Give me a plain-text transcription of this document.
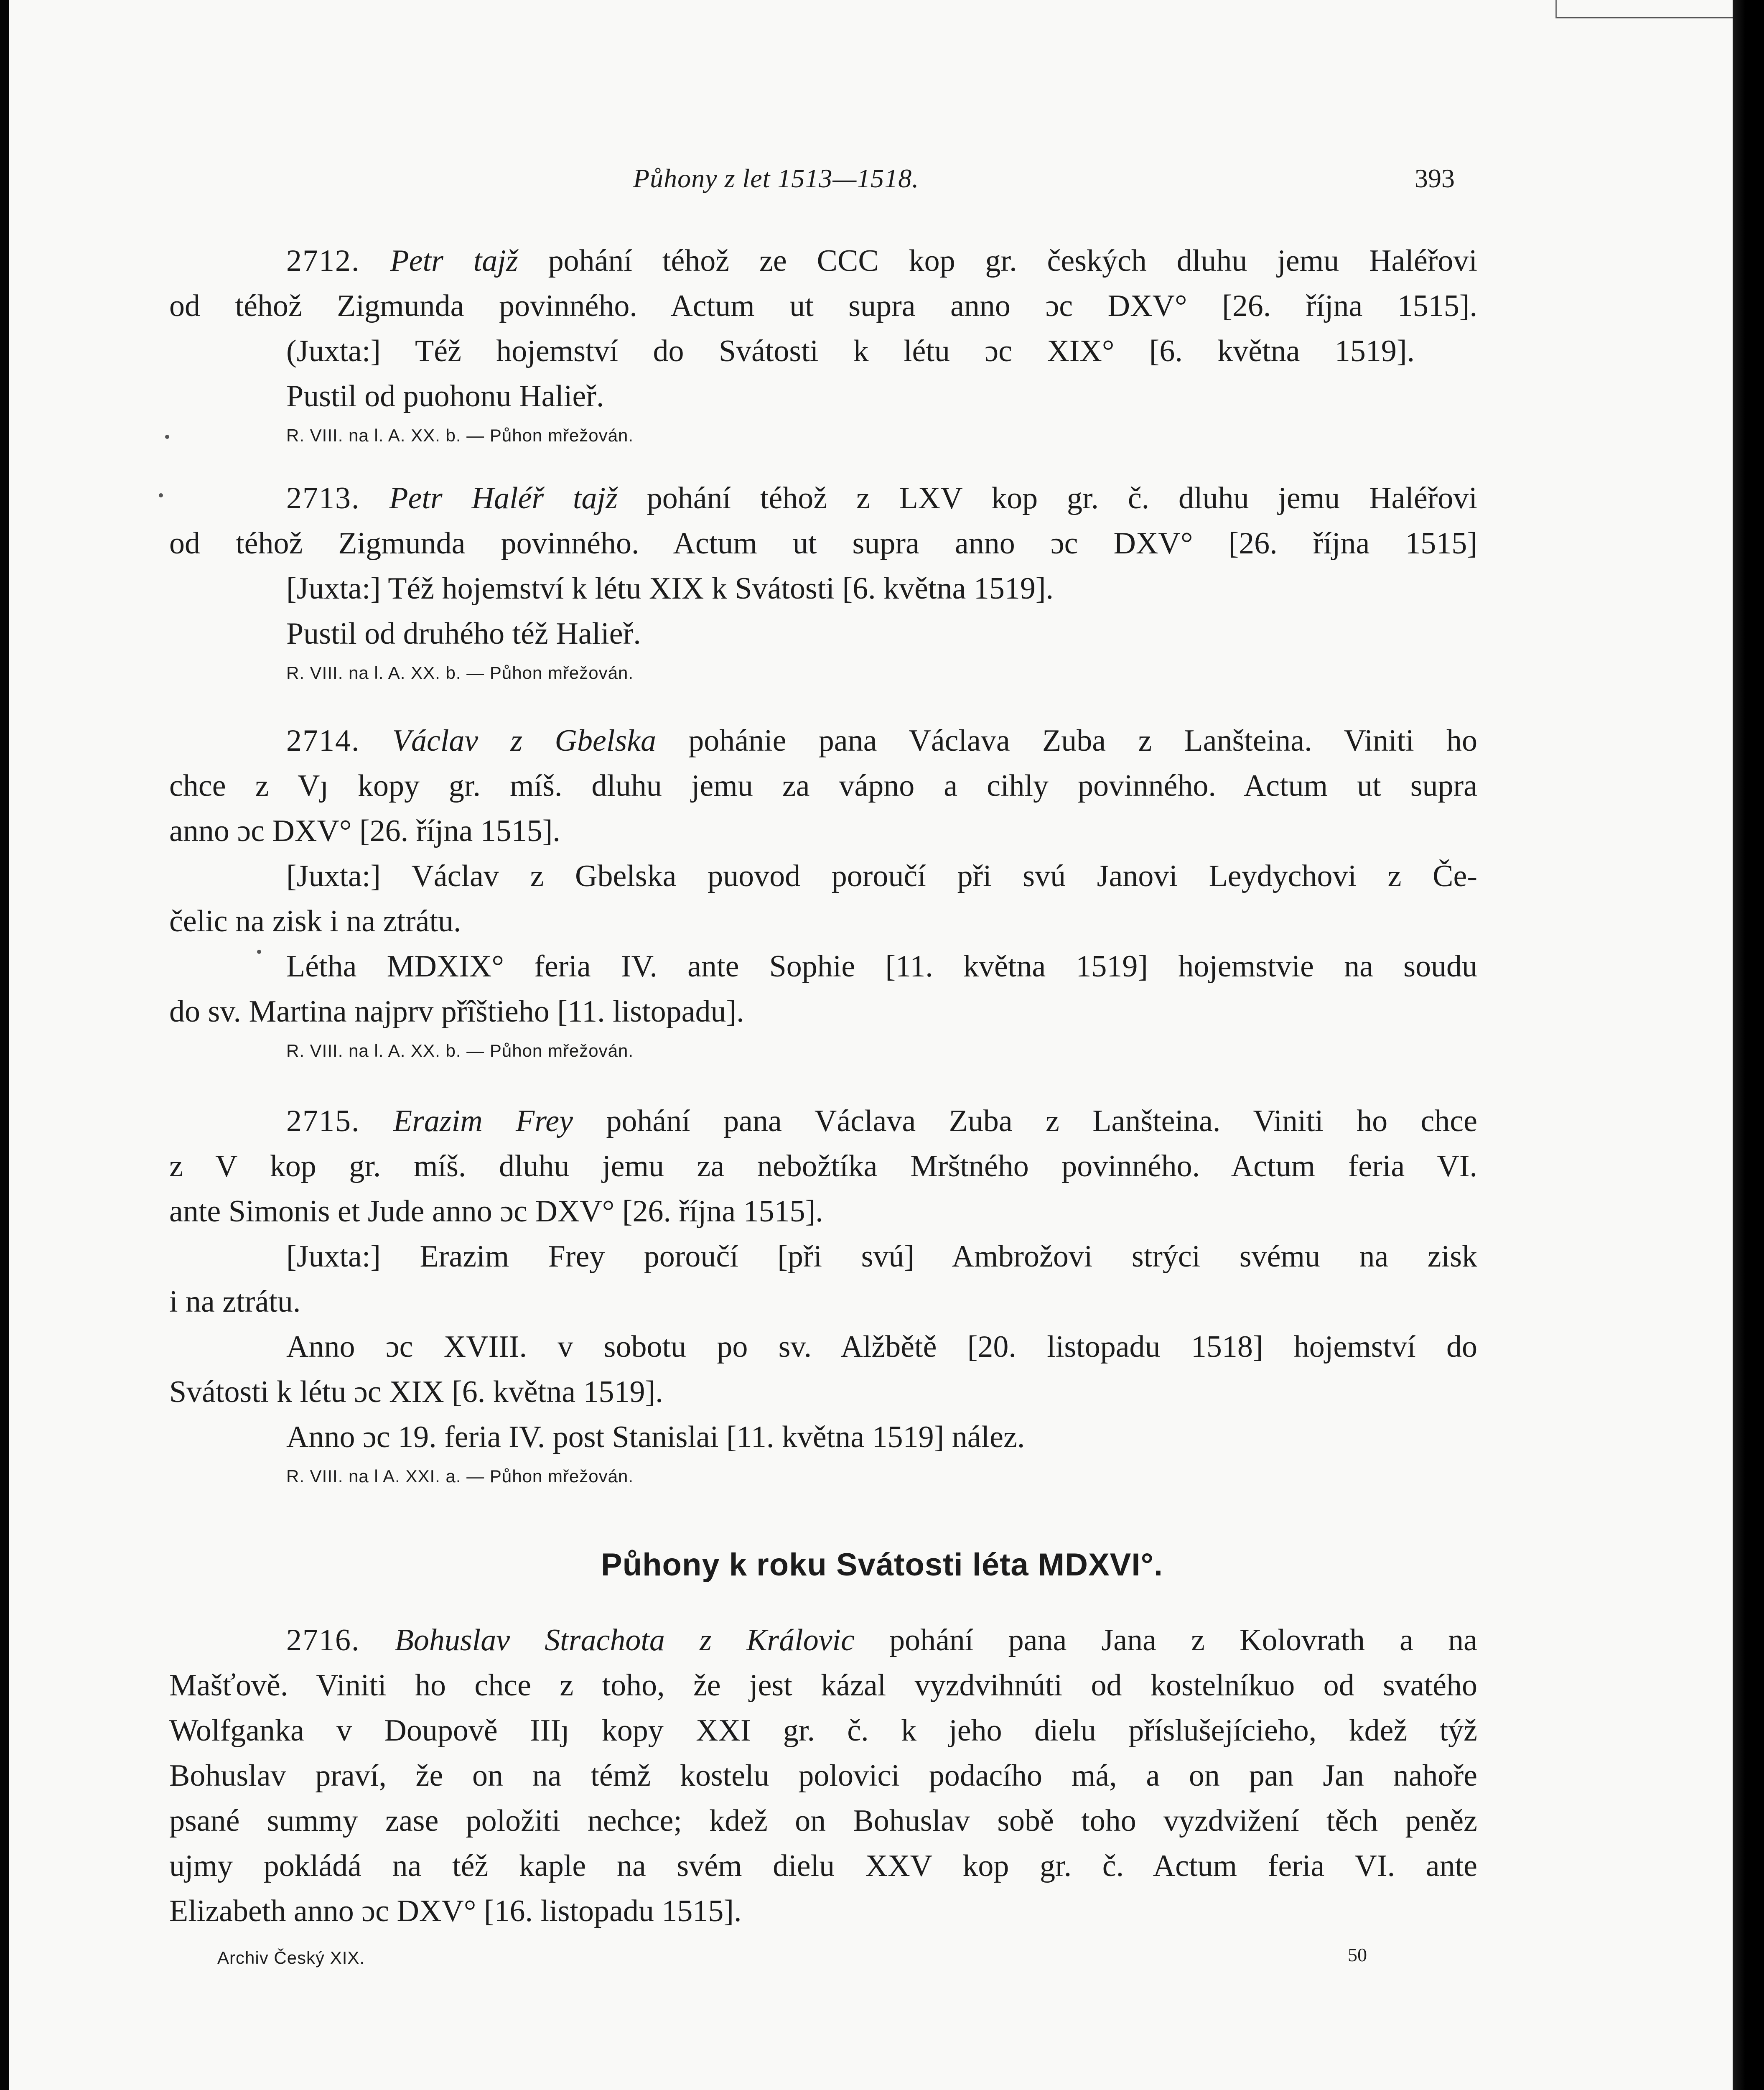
Půhony z let 1513—1518.	393
2712. Petr tajž pohání téhož ze CCC kop gr. českých dluhu jemu Haléřovi
od téhož Zigmunda povinného. Actum ut supra anno ɔc DXV° [26. října 1515].
(Juxta:] Též hojemství do Svátosti k létu ɔc XIX° [6. května 1519].
Pustil od puohonu Halieř.
R. VIII. na l. A. XX. b. — Půhon mřežován.
2713. Petr Haléř tajž pohání téhož z LXV kop gr. č. dluhu jemu Haléřovi
od téhož Zigmunda povinného. Actum ut supra anno ɔc DXV° [26. října 1515]
[Juxta:] Též hojemství k létu XIX k Svátosti [6. května 1519].
Pustil od druhého též Halieř.
R. VIII. na l. A. XX. b. — Půhon mřežován.
2714. Václav z Gbelska pohánie pana Václava Zuba z Lanšteina. Viniti ho
chce z Vȷ kopy gr. míš. dluhu jemu za vápno a cihly povinného. Actum ut supra
anno ɔc DXV° [26. října 1515].
[Juxta:] Václav z Gbelska puovod poroučí při svú Janovi Leydychovi z Če-
čelic na zisk i na ztrátu.
Létha MDXIX° feria IV. ante Sophie [11. května 1519] hojemstvie na soudu
do sv. Martina najprv přîštieho [11. listopadu].
R. VIII. na l. A. XX. b. — Půhon mřežován.
2715. Erazim Frey pohání pana Václava Zuba z Lanšteina. Viniti ho chce
z V kop gr. míš. dluhu jemu za nebožtíka Mrštného povinného. Actum feria VI.
ante Simonis et Jude anno ɔc DXV° [26. října 1515].
[Juxta:] Erazim Frey poroučí [při svú] Ambrožovi strýci svému na zisk
i na ztrátu.
Anno ɔc XVIII. v sobotu po sv. Alžbětě [20. listopadu 1518] hojemství do
Svátosti k létu ɔc XIX [6. května 1519].
Anno ɔc 19. feria IV. post Stanislai [11. května 1519] nález.
R. VIII. na l A. XXI. a. — Půhon mřežován.
Půhony k roku Svátosti léta MDXVI°.
2716. Bohuslav Strachota z Královic pohání pana Jana z Kolovrath a na
Mašťově. Viniti ho chce z toho, že jest kázal vyzdvihnúti od kostelníkuo od svatého
Wolfganka v Doupově IIIȷ kopy XXI gr. č. k jeho dielu příslušejícieho, kdež týž
Bohuslav praví, že on na témž kostelu polovici podacího má, a on pan Jan nahoře
psané summy zase položiti nechce; kdež on Bohuslav sobě toho vyzdvižení těch peněz
ujmy pokládá na též kaple na svém dielu XXV kop gr. č. Actum feria VI. ante
Elizabeth anno ɔc DXV° [16. listopadu 1515].
Archiv Český XIX.	50
